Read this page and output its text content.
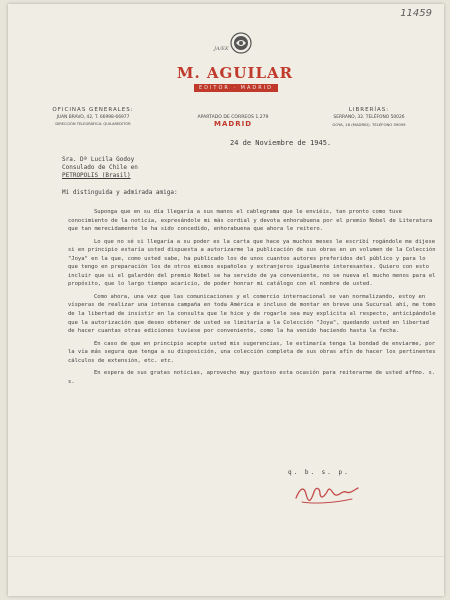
11459
JA/EK
M. AGUILAR
EDITOR · MADRID
OFICINAS GENERALES:
JUAN BRAVO, 42, T. 66998-66977
DIRECCIÓN TELEGRÁFICA: QUILAREDITOR
APARTADO DE CORREOS 1.279
MADRID
LIBRERÍAS:
SERRANO, 32. TELÉFONO 50026
GOYA, 18 (MADRID). TELÉFONO 59059
24 de Noviembre de 1945.
Sra. Dª Lucila Godoy
Consulado de Chile en
PETROPOLIS (Brasil)
Mi distinguida y admirada amiga:

Suponga que en su día llegaría a sus manos el cablegrama que le enviéis, tan pronto como tuve conocimiento de la noticia, expresándole mi más cordial y devota enhorabuena por el premio Nobel de Literatura que tan merecidamente le ha sido concedido, enhorabuena que ahora le reitero.

Lo que no sé si llegaría a su poder es la carta que hace ya muchos meses le escribí rogándole me dijese si en principio estaría usted dispuesta a autorizarme la publicación de sus obras en un volumen de la Colección "Joya" en la que, como usted sabe, ha publicado los de unos cuantos autores preferidos del público y para lo que tengo en preparación los de otros mismos españoles y extranjeros igualmente interesantes. Quiero con esto incluir que si el galardón del premio Nobel se ha servido de ya conveniente, no se nueva el mucho menos para el propósito, que lo largo tiempo acaricio, de poder honrar mi catálogo con el nombre de usted.

Como ahora, una vez que las comunicaciones y el comercio internacional se van normalizando, estoy en vísperas de realizar una intensa campaña en toda América e incluso de montar en breve una Sucursal ahí, me tomo de la libertad de insistir en la consulta que le hice y de rogarle sea muy explícita al respecto, anticipándole que la autorización que deseo obtener de usted se limitaría a la Colección "Joya", quedando usted en libertad de hacer cuantas otras ediciones tuviese por conveniente, como la ha venido haciendo hasta la fecha.

En caso de que en principio acepte usted mis sugerencias, le estimaría tenga la bondad de enviarme, por la vía más segura que tenga a su disposición, una colección completa de sus obras afín de hacer los pertinentes cálculos de extensión, etc. etc.

En espera de sus gratas noticias, aprovecho muy gustoso esta ocasión para reiterarme de usted affmo. s. s.

q. b. s. p.
